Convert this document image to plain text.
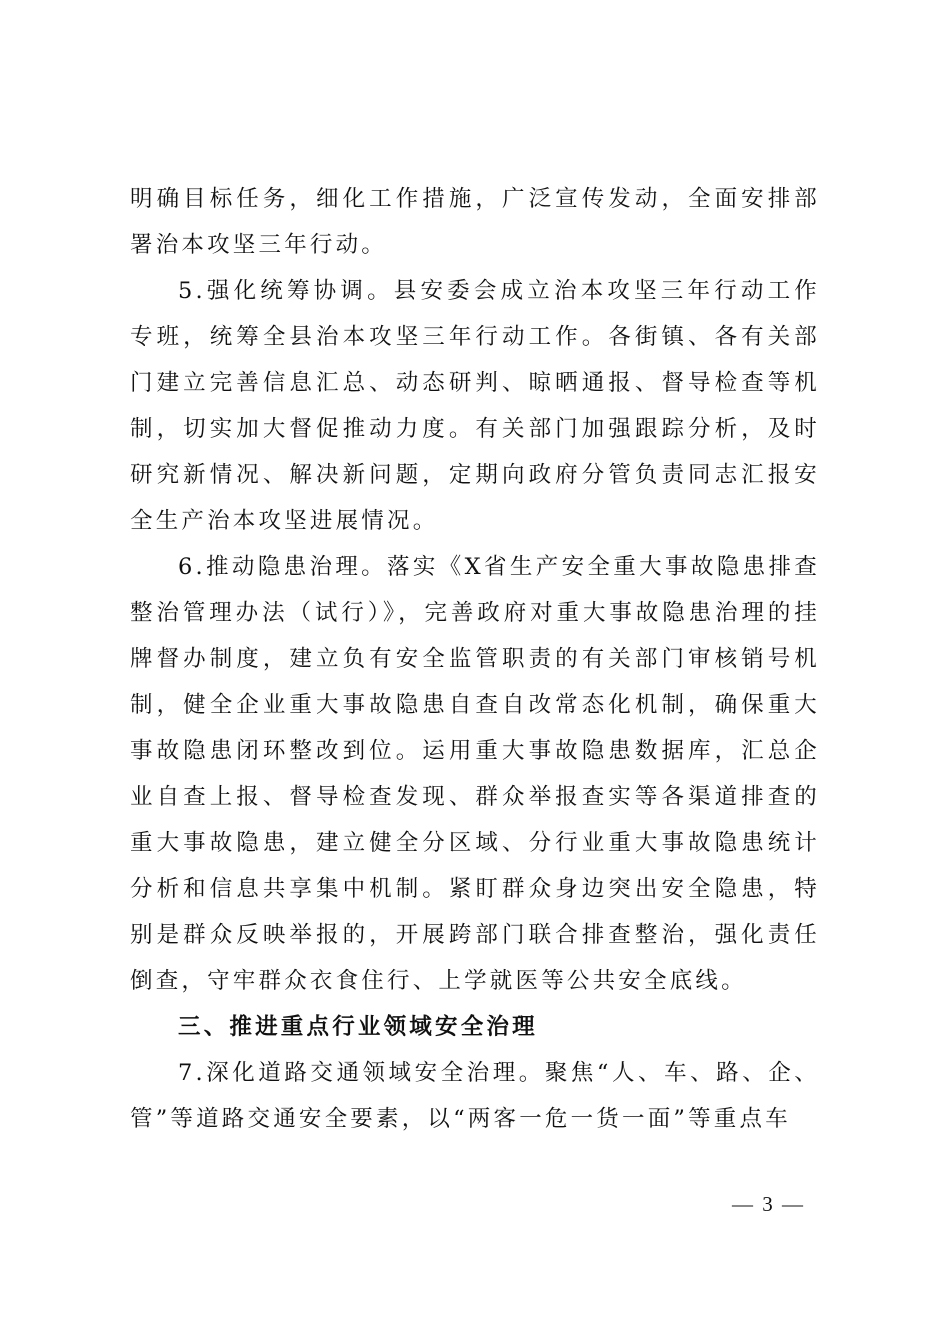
明确目标任务，细化工作措施，广泛宣传发动，全面安排部署治本攻坚三年行动。

5.强化统筹协调。县安委会成立治本攻坚三年行动工作专班，统筹全县治本攻坚三年行动工作。各街镇、各有关部门建立完善信息汇总、动态研判、晾晒通报、督导检查等机制，切实加大督促推动力度。有关部门加强跟踪分析，及时研究新情况、解决新问题，定期向政府分管负责同志汇报安全生产治本攻坚进展情况。

6.推动隐患治理。落实《X省生产安全重大事故隐患排查整治管理办法（试行）》，完善政府对重大事故隐患治理的挂牌督办制度，建立负有安全监管职责的有关部门审核销号机制，健全企业重大事故隐患自查自改常态化机制，确保重大事故隐患闭环整改到位。运用重大事故隐患数据库，汇总企业自查上报、督导检查发现、群众举报查实等各渠道排查的重大事故隐患，建立健全分区域、分行业重大事故隐患统计分析和信息共享集中机制。紧盯群众身边突出安全隐患，特别是群众反映举报的，开展跨部门联合排查整治，强化责任倒查，守牢群众衣食住行、上学就医等公共安全底线。

三、推进重点行业领域安全治理

7.深化道路交通领域安全治理。聚焦“人、车、路、企、管”等道路交通安全要素，以“两客一危一货一面”等重点车

— 3 —
